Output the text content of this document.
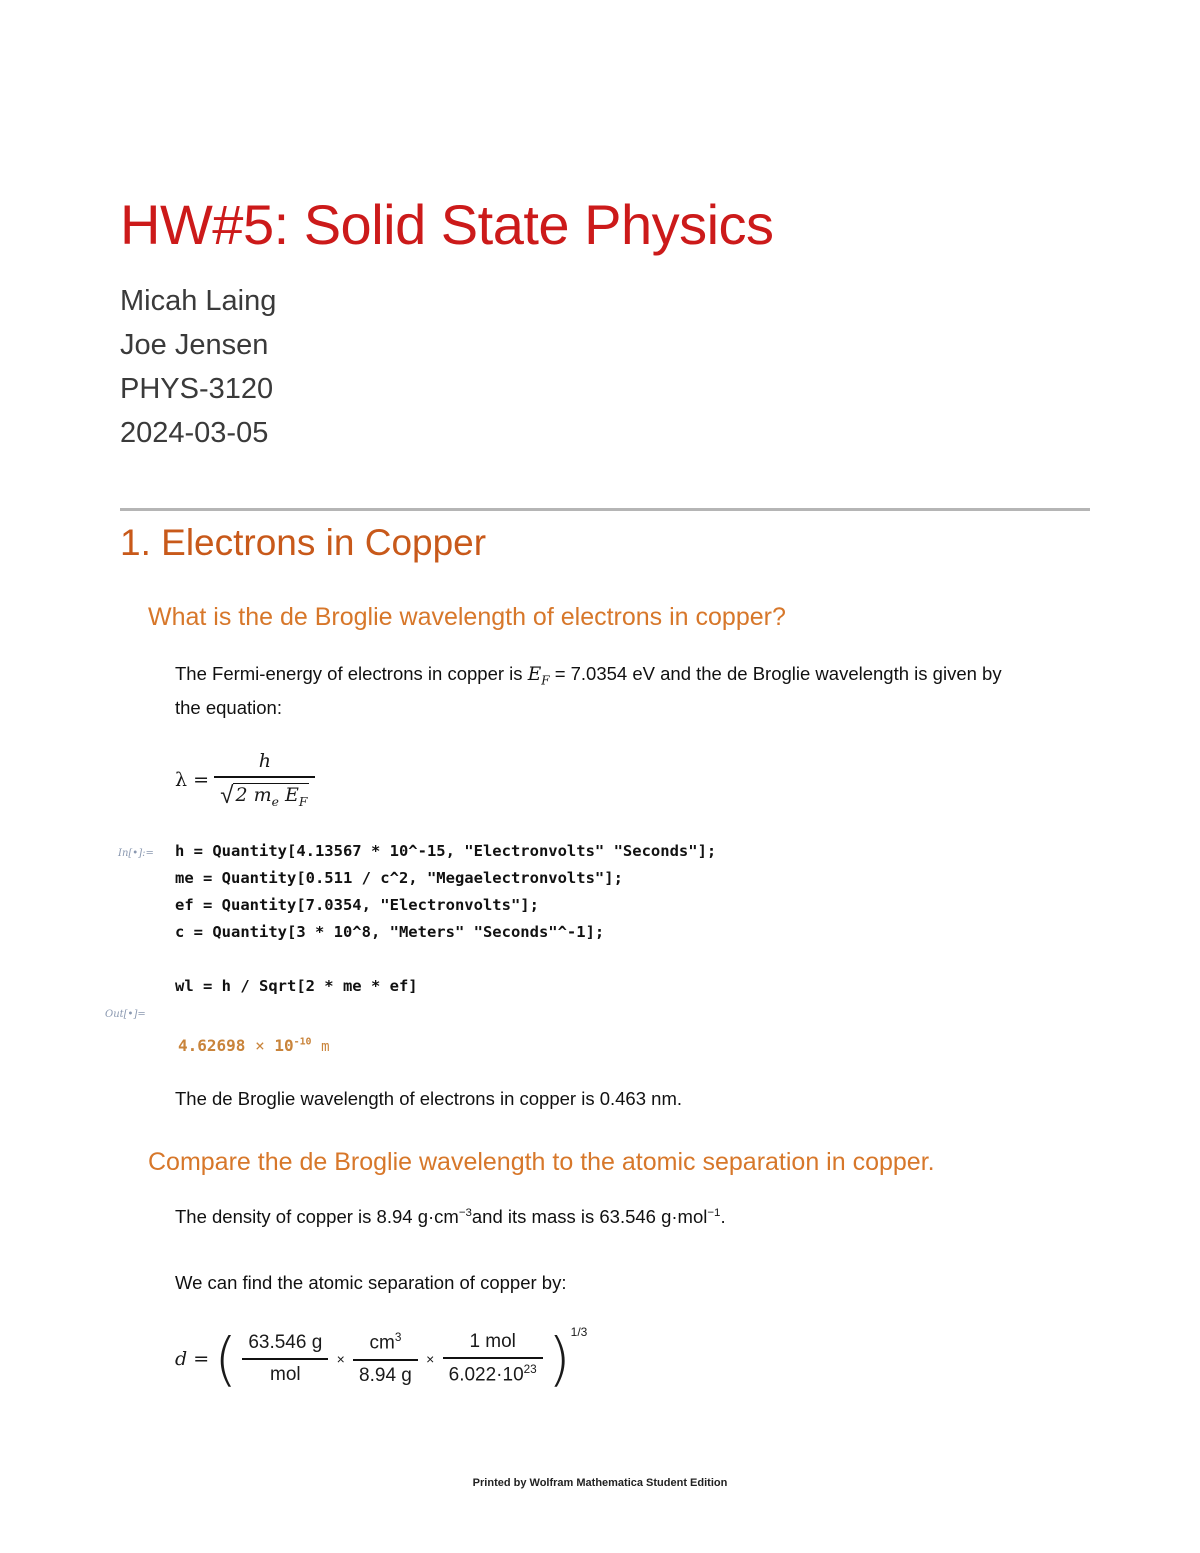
HW#5: Solid State Physics
Micah Laing
Joe Jensen
PHYS-3120
2024-03-05
1. Electrons in Copper
What is the de Broglie wavelength of electrons in copper?
The Fermi-energy of electrons in copper is $E_F = 7.0354$ eV and the de Broglie wavelength is given by
the equation:
$\lambda = \frac{h}{√ 2 m_e E_F}$
In[•]:= h = Quantity[4.13567 * 10^-15, "Electronvolts" "Seconds"];
me = Quantity[0.511 / c^2, "Megaelectronvolts"];
ef = Quantity[7.0354, "Electronvolts"];
c = Quantity[3 * 10^8, "Meters" "Seconds"^-1];
wl = h / Sqrt[2 * me * ef]
Out[•]=
$4.62698 \times 10^{-10}$ m
The de Broglie wavelength of electrons in copper is 0.463 nm.
Compare the de Broglie wavelength to the atomic separation in copper.
The density of copper is 8.94 $g\cdot cm^{-3}and$ its mass is 63.546 g·mol$^{-1}$.
We can find the atomic separation of copper by:
d = ( $\frac{63.546 g}{\text{mol}} \times \frac{cm^3}{8.94 g} \times \frac{\text{1 mol}}{6.022\cdot 10^{23}} )^{1/3}$
Printed by Wolfram Mathematica Student Edition
